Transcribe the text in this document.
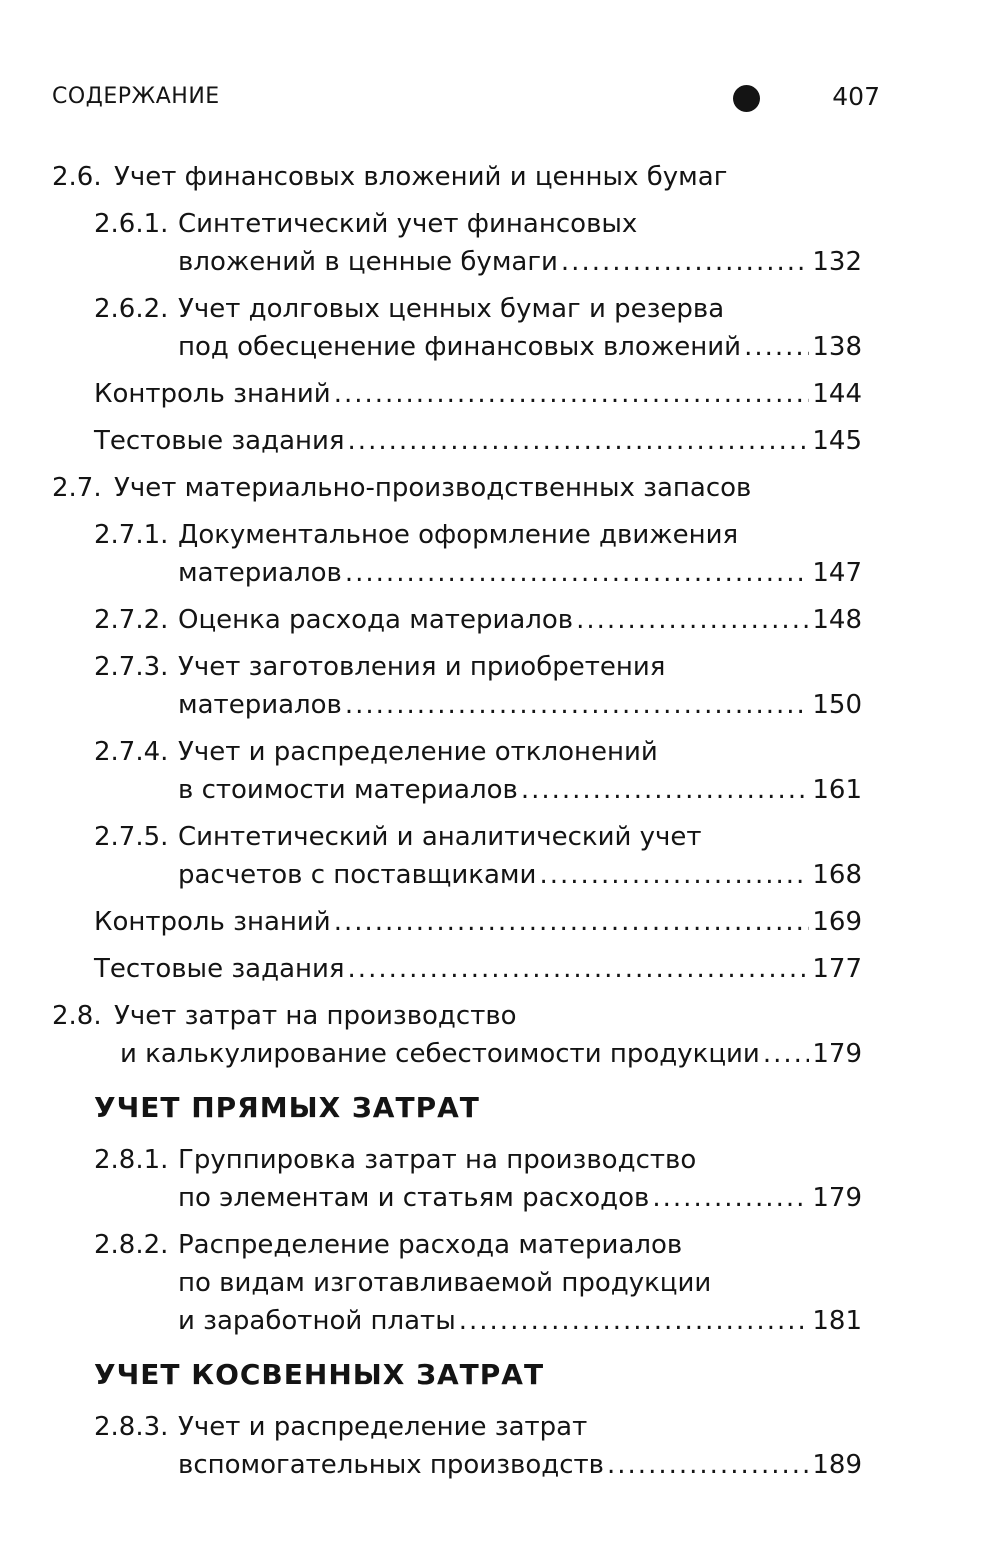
СОДЕРЖАНИЕ	407
2.6. Учет финансовых вложений и ценных бумаг
2.6.1. Синтетический учет финансовых
вложений в ценные бумаги .....	132
2.6.2. Учет долговых ценных бумаг и резерва
под обесценение финансовых вложений .....	138
Контроль знаний .....	144
Тестовые задания .....	145
2.7. Учет материально-производственных запасов
2.7.1. Документальное оформление движения
материалов .....	147
2.7.2. Оценка расхода материалов .....	148
2.7.3. Учет заготовления и приобретения
материалов .....	150
2.7.4. Учет и распределение отклонений
в стоимости материалов .....	161
2.7.5. Синтетический и аналитический учет
расчетов с поставщиками .....	168
Контроль знаний .....	169
Тестовые задания .....	177
2.8. Учет затрат на производство
и калькулирование себестоимости продукции ..... 179
УЧЕТ ПРЯМЫХ ЗАТРАТ
2.8.1. Группировка затрат на производство
по элементам и статьям расходов .....	179
2.8.2. Распределение расхода материалов
по видам изготавливаемой продукции
и заработной платы .....	181
УЧЕТ КОСВЕННЫХ ЗАТРАТ
2.8.3. Учет и распределение затрат
вспомогательных производств .....	189
